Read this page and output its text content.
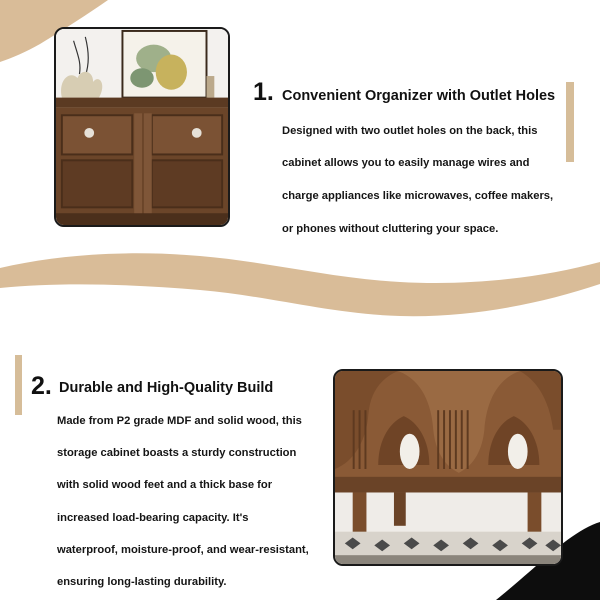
1. Convenient Organizer with Outlet Holes
Designed with two outlet holes on the back, this
cabinet allows you to easily manage wires and
charge appliances like microwaves, coffee makers,
or phones without cluttering your space.
2. Durable and High-Quality Build
Made from P2 grade MDF and solid wood, this
storage cabinet boasts a sturdy construction
with solid wood feet and a thick base for
increased load-bearing capacity. It's
waterproof, moisture-proof, and wear-resistant,
ensuring long-lasting durability.
